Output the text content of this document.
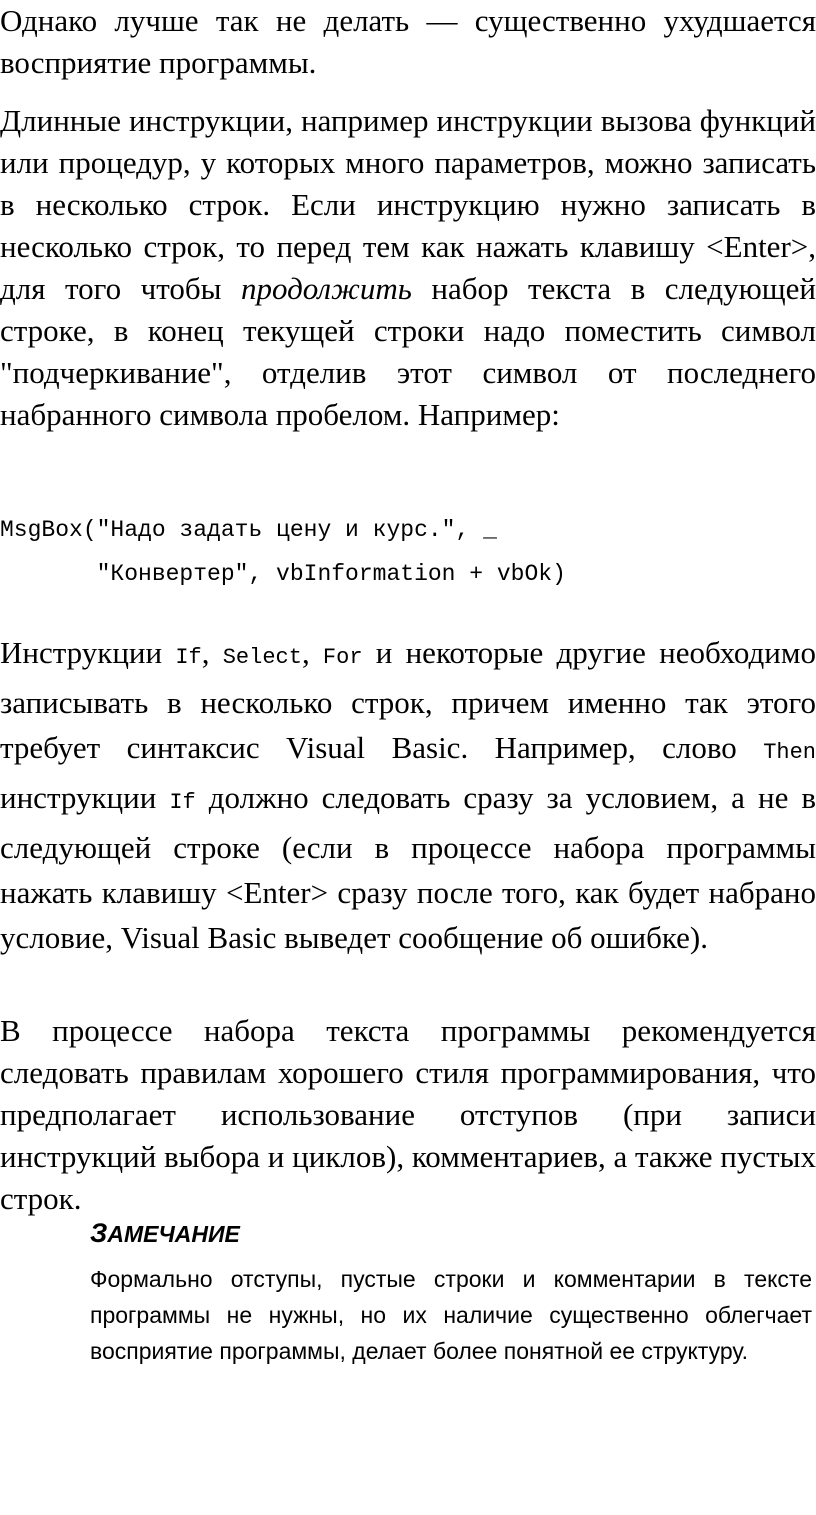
Однако лучше так не делать — существенно ухудшается восприятие программы.

Длинные инструкции, например инструкции вызова функций или процедур, у которых много параметров, можно записать в несколько строк. Если инструкцию нужно записать в несколько строк, то перед тем как нажать клавишу <Enter>, для того чтобы продолжить набор текста в следующей строке, в конец текущей строки надо поместить символ "подчеркивание", отделив этот символ от последнего набранного символа пробелом. Например:

MsgBox("Надо задать цену и курс.", _

"Конвертер", vbInformation + vbOk)

Инструкции If, Select, For и некоторые другие необходимо записывать в несколько строк, причем именно так этого требует синтаксис Visual Basic. Например, слово Then инструкции If должно следовать сразу за условием, а не в следующей строке (если в процессе набора программы нажать клавишу <Enter> сразу после того, как будет набрано условие, Visual Basic выведет сообщение об ошибке).

В процессе набора текста программы рекомендуется следовать правилам хорошего стиля программирования, что предполагает использование отступов (при записи инструкций выбора и циклов), комментариев, а также пустых строк.

ЗАМЕЧАНИЕ

Формально отступы, пустые строки и комментарии в тексте программы не нужны, но их наличие существенно облегчает восприятие программы, делает более понятной ее структуру.
